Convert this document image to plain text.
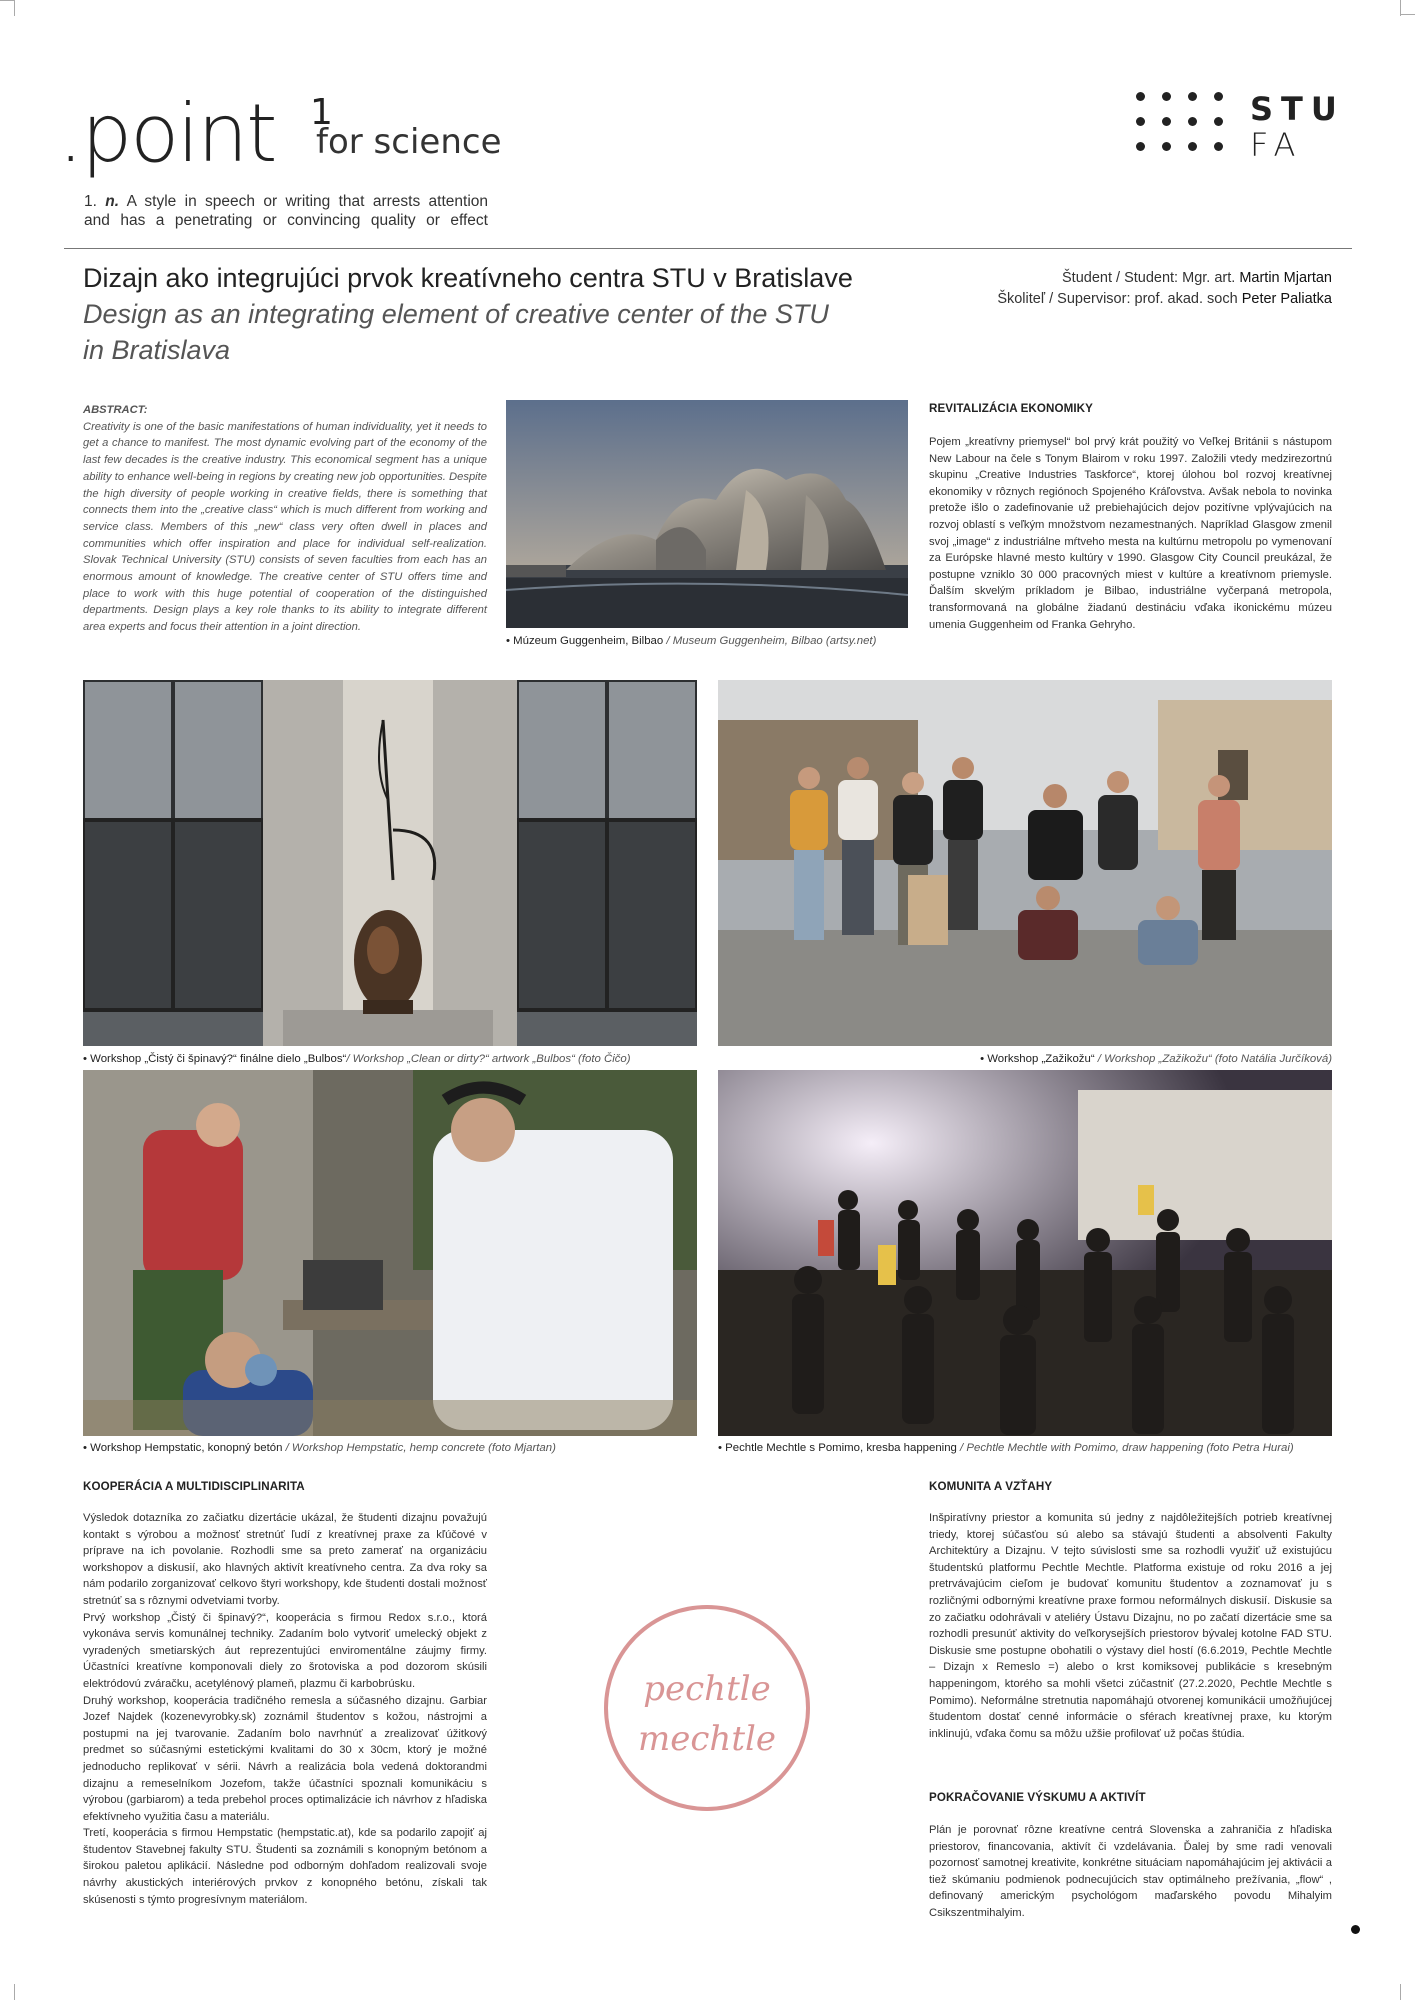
.point 1
for science
1. n. A style in speech or writing that arrests attention
and has a penetrating or convincing quality or effect
STU
FA
Dizajn ako integrujúci prvok kreatívneho centra STU v Bratislave
Design as an integrating element of creative center of the STU
in Bratislava
Študent / Student: Mgr. art. Martin Mjartan
Školiteľ / Supervisor: prof. akad. soch Peter Paliatka
ABSTRACT:
Creativity is one of the basic manifestations of human individuality, yet it needs to get a chance to manifest. The most dynamic evolving part of the economy of the last few decades is the creative industry. This economical segment has a unique ability to enhance well-being in regions by creating new job opportunities. Despite the high diversity of people working in creative fields, there is something that connects them into the „creative class“ which is much different from working and service class. Members of this „new“ class very often dwell in places and communities which offer inspiration and place for individual self-realization. Slovak Technical University (STU) consists of seven faculties from each has an enormous amount of knowledge. The creative center of STU offers time and place to work with this huge potential of cooperation of the distinguished departments. Design plays a key role thanks to its ability to integrate different area experts and focus their attention in a joint direction.
• Múzeum Guggenheim, Bilbao / Museum Guggenheim, Bilbao (artsy.net)
REVITALIZÁCIA EKONOMIKY
Pojem „kreatívny priemysel“ bol prvý krát použitý vo Veľkej Británii s nástupom New Labour na čele s Tonym Blairom v roku 1997. Založili vtedy medzirezortnú skupinu „Creative Industries Taskforce“, ktorej úlohou bol rozvoj kreatívnej ekonomiky v rôznych regiónoch Spojeného Kráľovstva. Avšak nebola to novinka pretože išlo o zadefinovanie už prebiehajúcich dejov pozitívne vplývajúcich na rozvoj oblastí s veľkým množstvom nezamestnaných. Napríklad Glasgow zmenil svoj „image“ z industriálne mŕtveho mesta na kultúrnu metropolu po vymenovaní za Európske hlavné mesto kultúry v 1990. Glasgow City Council preukázal, že postupne vzniklo 30 000 pracovných miest v kultúre a kreatívnom priemysle. Ďalším skvelým príkladom je Bilbao, industriálne vyčerpaná metropola, transformovaná na globálne žiadanú destináciu vďaka ikonickému múzeu umenia Guggenheim od Franka Gehryho.
• Workshop „Čistý či špinavý?“ finálne dielo „Bulbos“/ Workshop „Clean or dirty?“ artwork „Bulbos“ (foto Čičo)	• Workshop „Zažikožu“ / Workshop „Zažikožu“ (foto Natália Jurčíková)
• Workshop Hempstatic, konopný betón / Workshop Hempstatic, hemp concrete (foto Mjartan)	• Pechtle Mechtle s Pomimo, kresba happening / Pechtle Mechtle with Pomimo, draw happening (foto Petra Hurai)
KOOPERÁCIA A MULTIDISCIPLINARITA

Výsledok dotazníka zo začiatku dizertácie ukázal, že študenti dizajnu považujú kontakt s výrobou a možnosť stretnúť ľudí z kreatívnej praxe za kľúčové v príprave na ich povolanie. Rozhodli sme sa preto zamerať na organizáciu workshopov a diskusií, ako hlavných aktivít kreatívneho centra. Za dva roky sa nám podarilo zorganizovať celkovo štyri workshopy, kde študenti dostali možnosť stretnúť sa s rôznymi odvetviami tvorby.

Prvý workshop „Čistý či špinavý?“, kooperácia s firmou Redox s.r.o., ktorá vykonáva servis komunálnej techniky. Zadaním bolo vytvoriť umelecký objekt z vyradených smetiarských áut reprezentujúci enviromentálne záujmy firmy. Účastníci kreatívne komponovali diely zo šrotoviska a pod dozorom skúsili elektródovú zváračku, acetylénový plameň, plazmu či karbobrúsku.

Druhý workshop, kooperácia tradičného remesla a súčasného dizajnu. Garbiar Jozef Najdek (kozenevyrobky.sk) zoznámil študentov s kožou, nástrojmi a postupmi na jej tvarovanie. Zadaním bolo navrhnúť a zrealizovať úžitkový predmet so súčasnými estetickými kvalitami do 30 x 30cm, ktorý je možné jednoducho replikovať v sérii. Návrh a realizácia bola vedená doktorandmi dizajnu a remeselníkom Jozefom, takže účastníci spoznali komunikáciu s výrobou (garbiarom) a teda prebehol proces optimalizácie ich návrhov z hľadiska efektívneho využitia času a materiálu.

Tretí, kooperácia s firmou Hempstatic (hempstatic.at), kde sa podarilo zapojiť aj študentov Stavebnej fakulty STU. Študenti sa zoznámili s konopným betónom a širokou paletou aplikácií. Následne pod odborným dohľadom realizovali svoje návrhy akustických interiérových prvkov z konopného betónu, získali tak skúsenosti s týmto progresívnym materiálom.

pechtle
mechtle
KOMUNITA A VZŤAHY
Inšpiratívny priestor a komunita sú jedny z najdôležitejších potrieb kreatívnej triedy, ktorej súčasťou sú alebo sa stávajú študenti a absolventi Fakulty Architektúry a Dizajnu. V tejto súvislosti sme sa rozhodli využiť už existujúcu študentskú platformu Pechtle Mechtle. Platforma existuje od roku 2016 a jej pretrvávajúcim cieľom je budovať komunitu študentov a zoznamovať ju s rozličnými odbornými kreatívne praxe formou neformálnych diskusií. Diskusie sa zo začiatku odohrávali v ateliéry Ústavu Dizajnu, no po začatí dizertácie sme sa rozhodli presunúť aktivity do veľkorysejších priestorov bývalej kotolne FAD STU. Diskusie sme postupne obohatili o výstavy diel hostí (6.6.2019, Pechtle Mechtle – Dizajn x Remeslo =) alebo o krst komiksovej publikácie s kresebným happeningom, ktorého sa mohli všetci zúčastniť (27.2.2020, Pechtle Mechtle s Pomimo). Neformálne stretnutia napomáhajú otvorenej komunikácii umožňujúcej študentom dostať cenné informácie o sférach kreatívnej praxe, ku ktorým inklinujú, vďaka čomu sa môžu užšie profilovať už počas štúdia.
POKRAČOVANIE VÝSKUMU A AKTIVÍT
Plán je porovnať rôzne kreatívne centrá Slovenska a zahraničia z hľadiska priestorov, financovania, aktivít či vzdelávania. Ďalej by sme radi venovali pozornosť samotnej kreativite, konkrétne situáciam napomáhajúcim jej aktivácii a tiež skúmaniu podmienok podnecujúcich stav optimálneho prežívania, „flow“ , definovaný americkým psychológom maďarského povodu Mihalyim Csikszentmihalyim.
